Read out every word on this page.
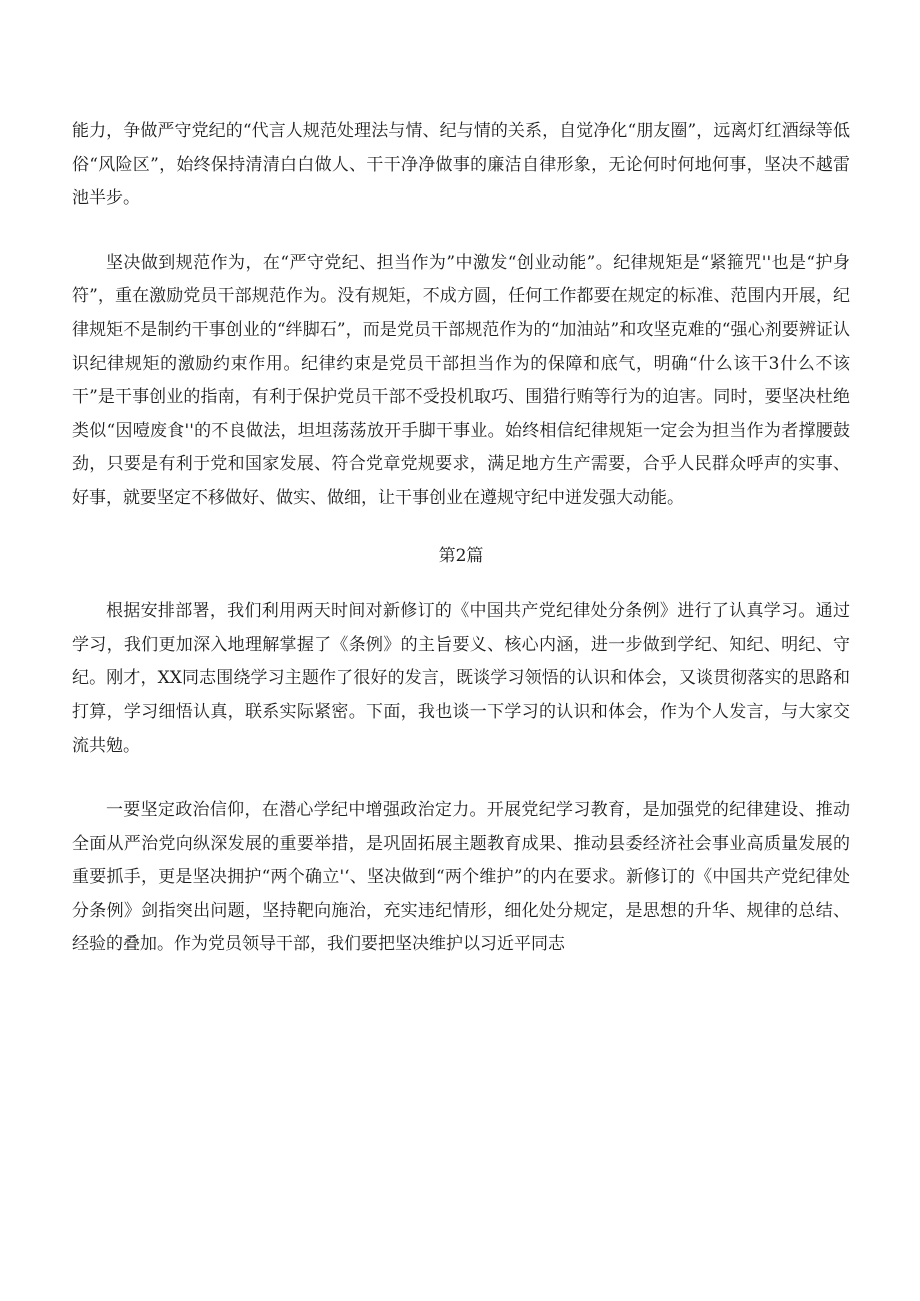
能力，争做严守党纪的“代言人规范处理法与情、纪与情的关系，自觉净化“朋友圈”，远离灯红酒绿等低俗“风险区”，始终保持清清白白做人、干干净净做事的廉洁自律形象，无论何时何地何事，坚决不越雷池半步。

坚决做到规范作为，在“严守党纪、担当作为”中激发“创业动能”。纪律规矩是“紧箍咒''也是“护身符”，重在激励党员干部规范作为。没有规矩，不成方圆，任何工作都要在规定的标准、范围内开展，纪律规矩不是制约干事创业的“绊脚石”，而是党员干部规范作为的“加油站”和攻坚克难的“强心剂要辨证认识纪律规矩的激励约束作用。纪律约束是党员干部担当作为的保障和底气，明确“什么该干3什么不该干”是干事创业的指南，有利于保护党员干部不受投机取巧、围猎行贿等行为的迫害。同时，要坚决杜绝类似“因噎废食''的不良做法，坦坦荡荡放开手脚干事业。始终相信纪律规矩一定会为担当作为者撑腰鼓劲，只要是有利于党和国家发展、符合党章党规要求，满足地方生产需要，合乎人民群众呼声的实事、好事，就要坚定不移做好、做实、做细，让干事创业在遵规守纪中迸发强大动能。

第2篇

根据安排部署，我们利用两天时间对新修订的《中国共产党纪律处分条例》进行了认真学习。通过学习，我们更加深入地理解掌握了《条例》的主旨要义、核心内涵，进一步做到学纪、知纪、明纪、守纪。刚才，XX同志围绕学习主题作了很好的发言，既谈学习领悟的认识和体会，又谈贯彻落实的思路和打算，学习细悟认真，联系实际紧密。下面，我也谈一下学习的认识和体会，作为个人发言，与大家交流共勉。

一要坚定政治信仰，在潜心学纪中增强政治定力。开展党纪学习教育，是加强党的纪律建设、推动全面从严治党向纵深发展的重要举措，是巩固拓展主题教育成果、推动县委经济社会事业高质量发展的重要抓手，更是坚决拥护“两个确立'‘、坚决做到“两个维护”的内在要求。新修订的《中国共产党纪律处分条例》剑指突出问题，坚持靶向施治，充实违纪情形，细化处分规定，是思想的升华、规律的总结、经验的叠加。作为党员领导干部，我们要把坚决维护以习近平同志
